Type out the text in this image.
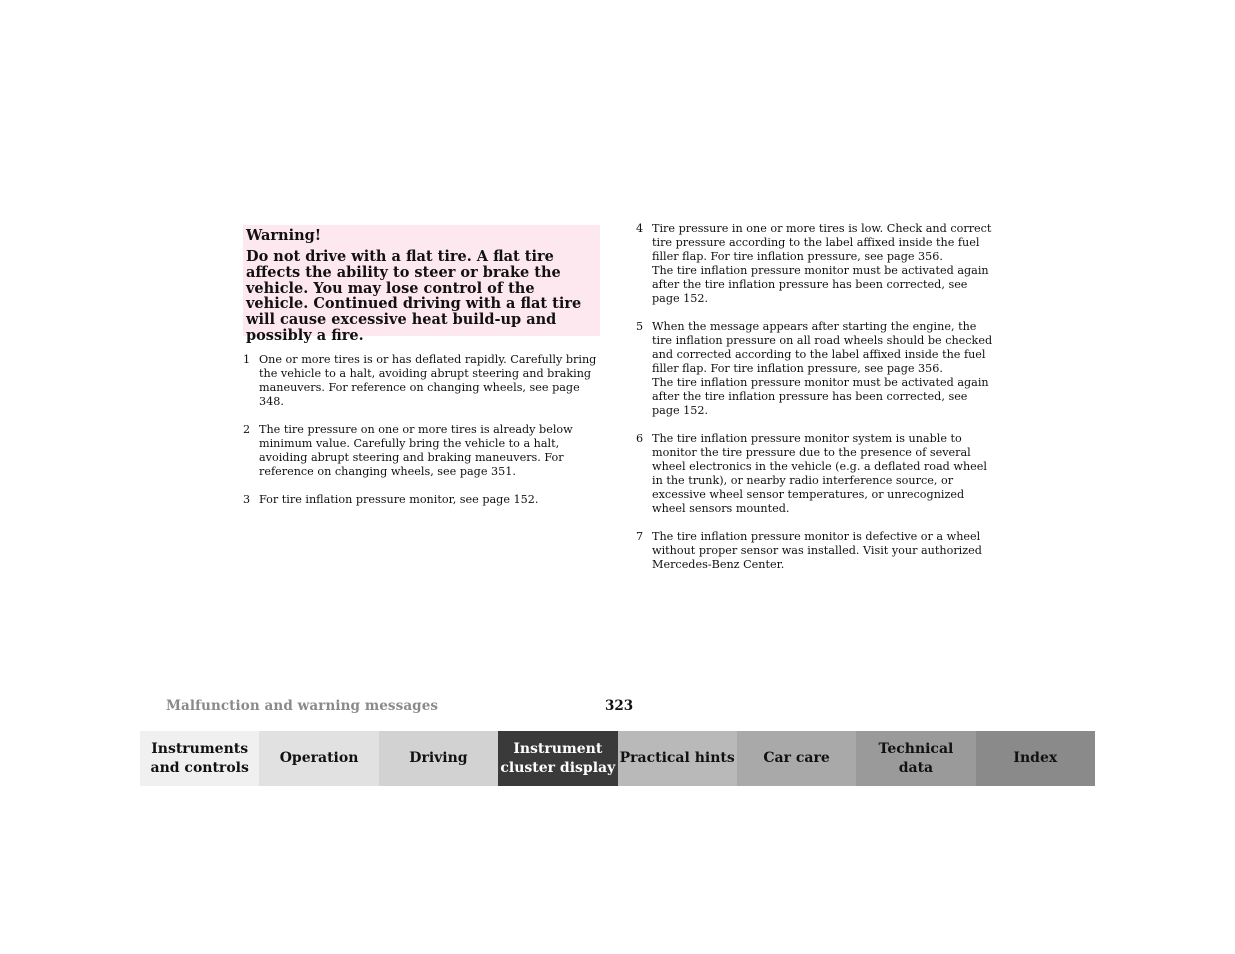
Warning!

Do not drive with a flat tire. A flat tire affects the ability to steer or brake the vehicle. You may lose control of the vehicle. Continued driving with a flat tire will cause excessive heat build-up and possibly a fire.

1 One or more tires is or has deflated rapidly. Carefully bring the vehicle to a halt, avoiding abrupt steering and braking maneuvers. For reference on changing wheels, see page 348.
2 The tire pressure on one or more tires is already below minimum value. Carefully bring the vehicle to a halt, avoiding abrupt steering and braking maneuvers. For reference on changing wheels, see page 351.
3 For tire inflation pressure monitor, see page 152.
4 Tire pressure in one or more tires is low. Check and correct tire pressure according to the label affixed inside the fuel filler flap. For tire inflation pressure, see page 356.
The tire inflation pressure monitor must be activated again after the tire inflation pressure has been corrected, see page 152.
5 When the message appears after starting the engine, the tire inflation pressure on all road wheels should be checked and corrected according to the label affixed inside the fuel filler flap. For tire inflation pressure, see page 356.
The tire inflation pressure monitor must be activated again after the tire inflation pressure has been corrected, see page 152.
6 The tire inflation pressure monitor system is unable to monitor the tire pressure due to the presence of several wheel electronics in the vehicle (e.g. a deflated road wheel in the trunk), or nearby radio interference source, or excessive wheel sensor temperatures, or unrecognized wheel sensors mounted.
7 The tire inflation pressure monitor is defective or a wheel without proper sensor was installed. Visit your authorized Mercedes-Benz Center.
Malfunction and warning messages	323
Instruments
and controls
Operation	Driving
Instrument
cluster display
Practical hints	Car care
Technical
data
Index
